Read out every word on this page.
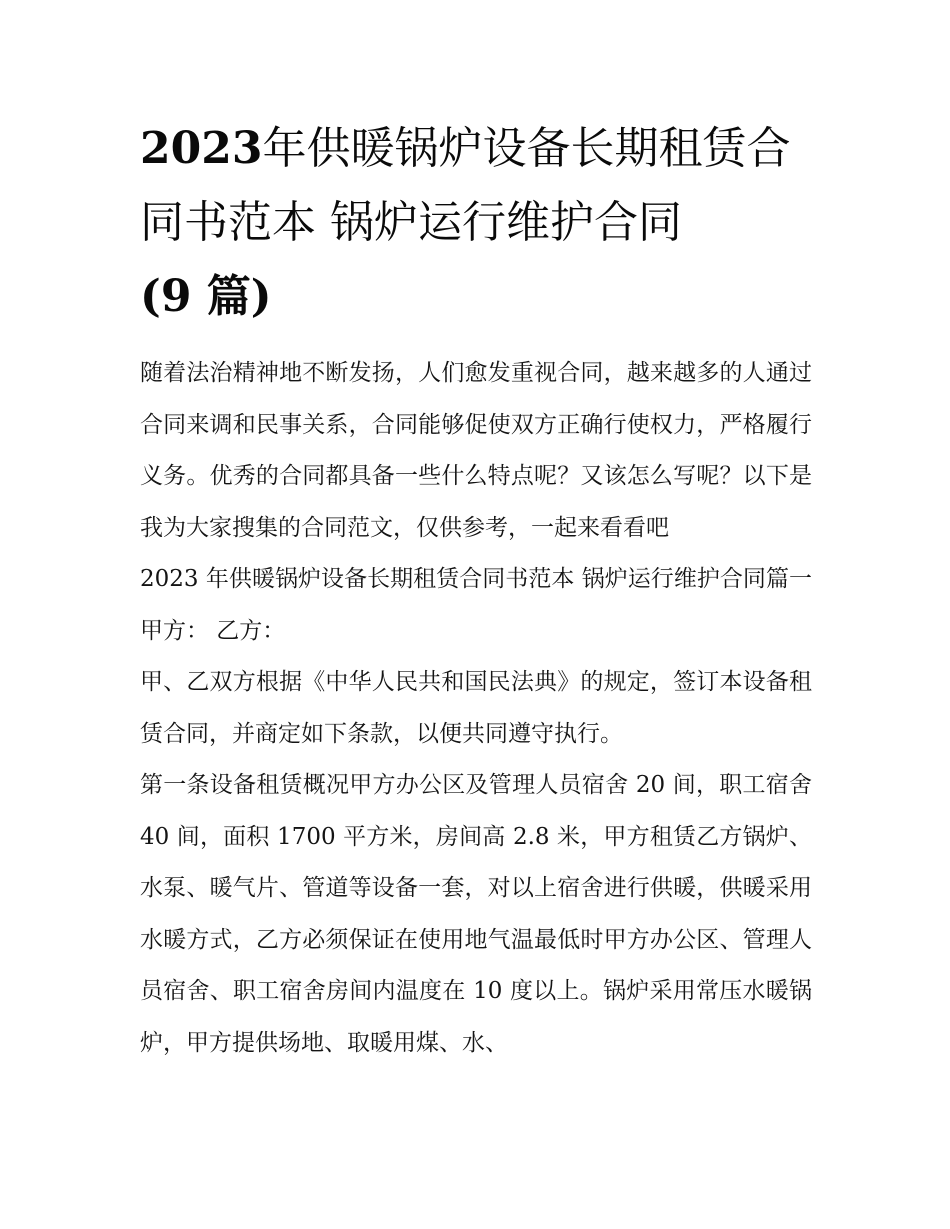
2023年供暖锅炉设备长期租赁合同书范本 锅炉运行维护合同
(9 篇)

随着法治精神地不断发扬，人们愈发重视合同，越来越多的人通过合同来调和民事关系，合同能够促使双方正确行使权力，严格履行义务。优秀的合同都具备一些什么特点呢？又该怎么写呢？以下是我为大家搜集的合同范文，仅供参考，一起来看看吧

2023 年供暖锅炉设备长期租赁合同书范本 锅炉运行维护合同篇一 甲方： 乙方：

甲、乙双方根据《中华人民共和国民法典》的规定，签订本设备租赁合同，并商定如下条款，以便共同遵守执行。

第一条设备租赁概况甲方办公区及管理人员宿舍 20 间，职工宿舍 40 间，面积 1700 平方米，房间高 2.8 米，甲方租赁乙方锅炉、水泵、暖气片、管道等设备一套，对以上宿舍进行供暖，供暖采用水暖方式，乙方必须保证在使用地气温最低时甲方办公区、管理人员宿舍、职工宿舍房间内温度在 10 度以上。锅炉采用常压水暖锅炉，甲方提供场地、取暖用煤、水、
